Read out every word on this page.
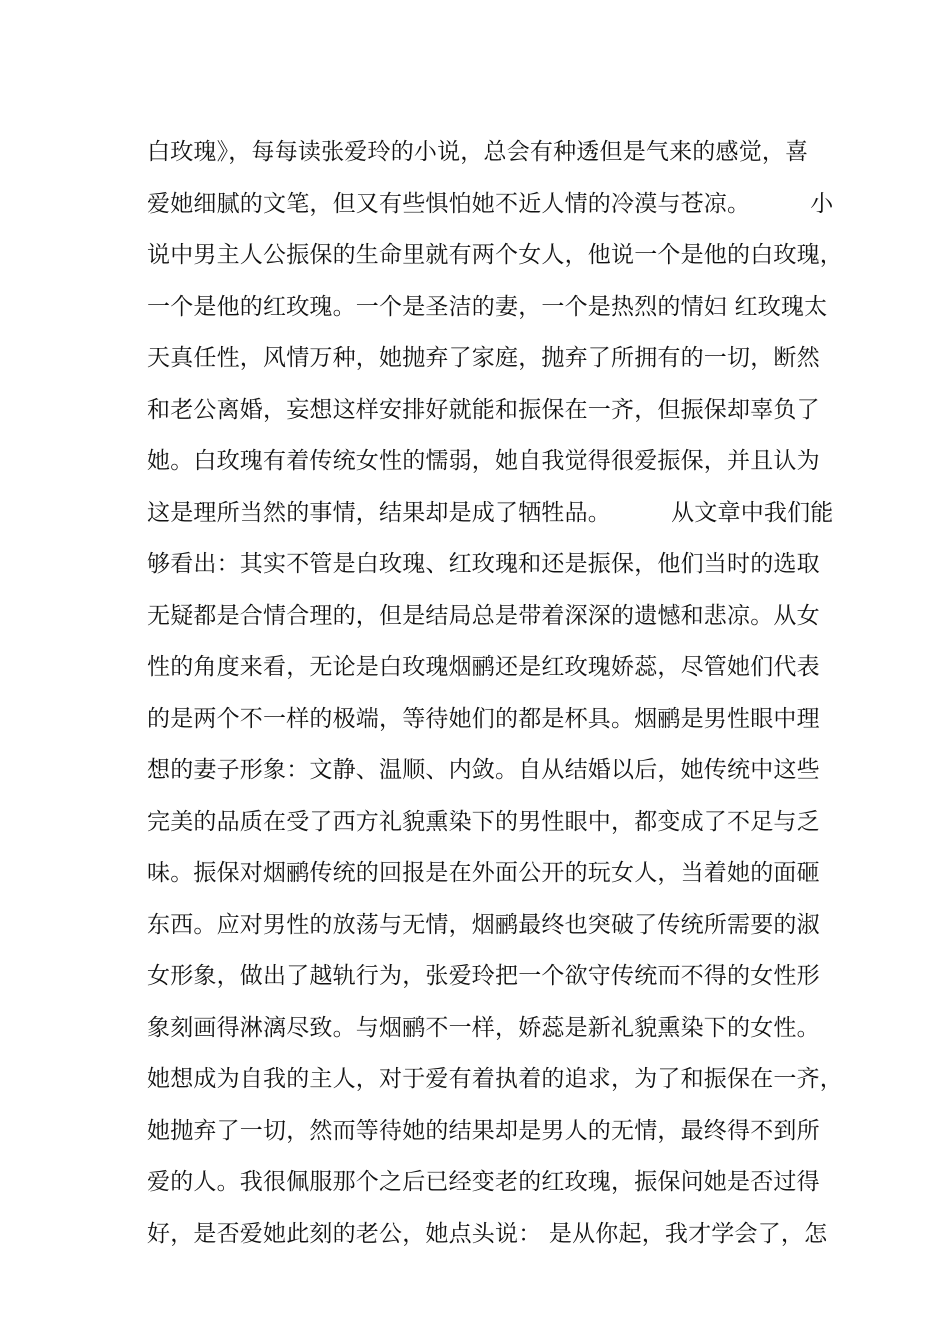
白玫瑰》，每每读张爱玲的小说，总会有种透但是气来的感觉，喜
爱她细腻的文笔，但又有些惧怕她不近人情的冷漠与苍凉。        小
说中男主人公振保的生命里就有两个女人，他说一个是他的白玫瑰，
一个是他的红玫瑰。一个是圣洁的妻，一个是热烈的情妇 红玫瑰太
天真任性，风情万种，她抛弃了家庭，抛弃了所拥有的一切，断然
和老公离婚，妄想这样安排好就能和振保在一齐，但振保却辜负了
她。白玫瑰有着传统女性的懦弱，她自我觉得很爱振保，并且认为
这是理所当然的事情，结果却是成了牺牲品。        从文章中我们能
够看出：其实不管是白玫瑰、红玫瑰和还是振保，他们当时的选取
无疑都是合情合理的，但是结局总是带着深深的遗憾和悲凉。从女
性的角度来看，无论是白玫瑰烟鹂还是红玫瑰娇蕊，尽管她们代表
的是两个不一样的极端，等待她们的都是杯具。烟鹂是男性眼中理
想的妻子形象：文静、温顺、内敛。自从结婚以后，她传统中这些
完美的品质在受了西方礼貌熏染下的男性眼中，都变成了不足与乏
味。振保对烟鹂传统的回报是在外面公开的玩女人，当着她的面砸
东西。应对男性的放荡与无情，烟鹂最终也突破了传统所需要的淑
女形象，做出了越轨行为，张爱玲把一个欲守传统而不得的女性形
象刻画得淋漓尽致。与烟鹂不一样，娇蕊是新礼貌熏染下的女性。
她想成为自我的主人，对于爱有着执着的追求，为了和振保在一齐，
她抛弃了一切，然而等待她的结果却是男人的无情，最终得不到所
爱的人。我很佩服那个之后已经变老的红玫瑰，振保问她是否过得
好，是否爱她此刻的老公，她点头说： 是从你起，我才学会了，怎
